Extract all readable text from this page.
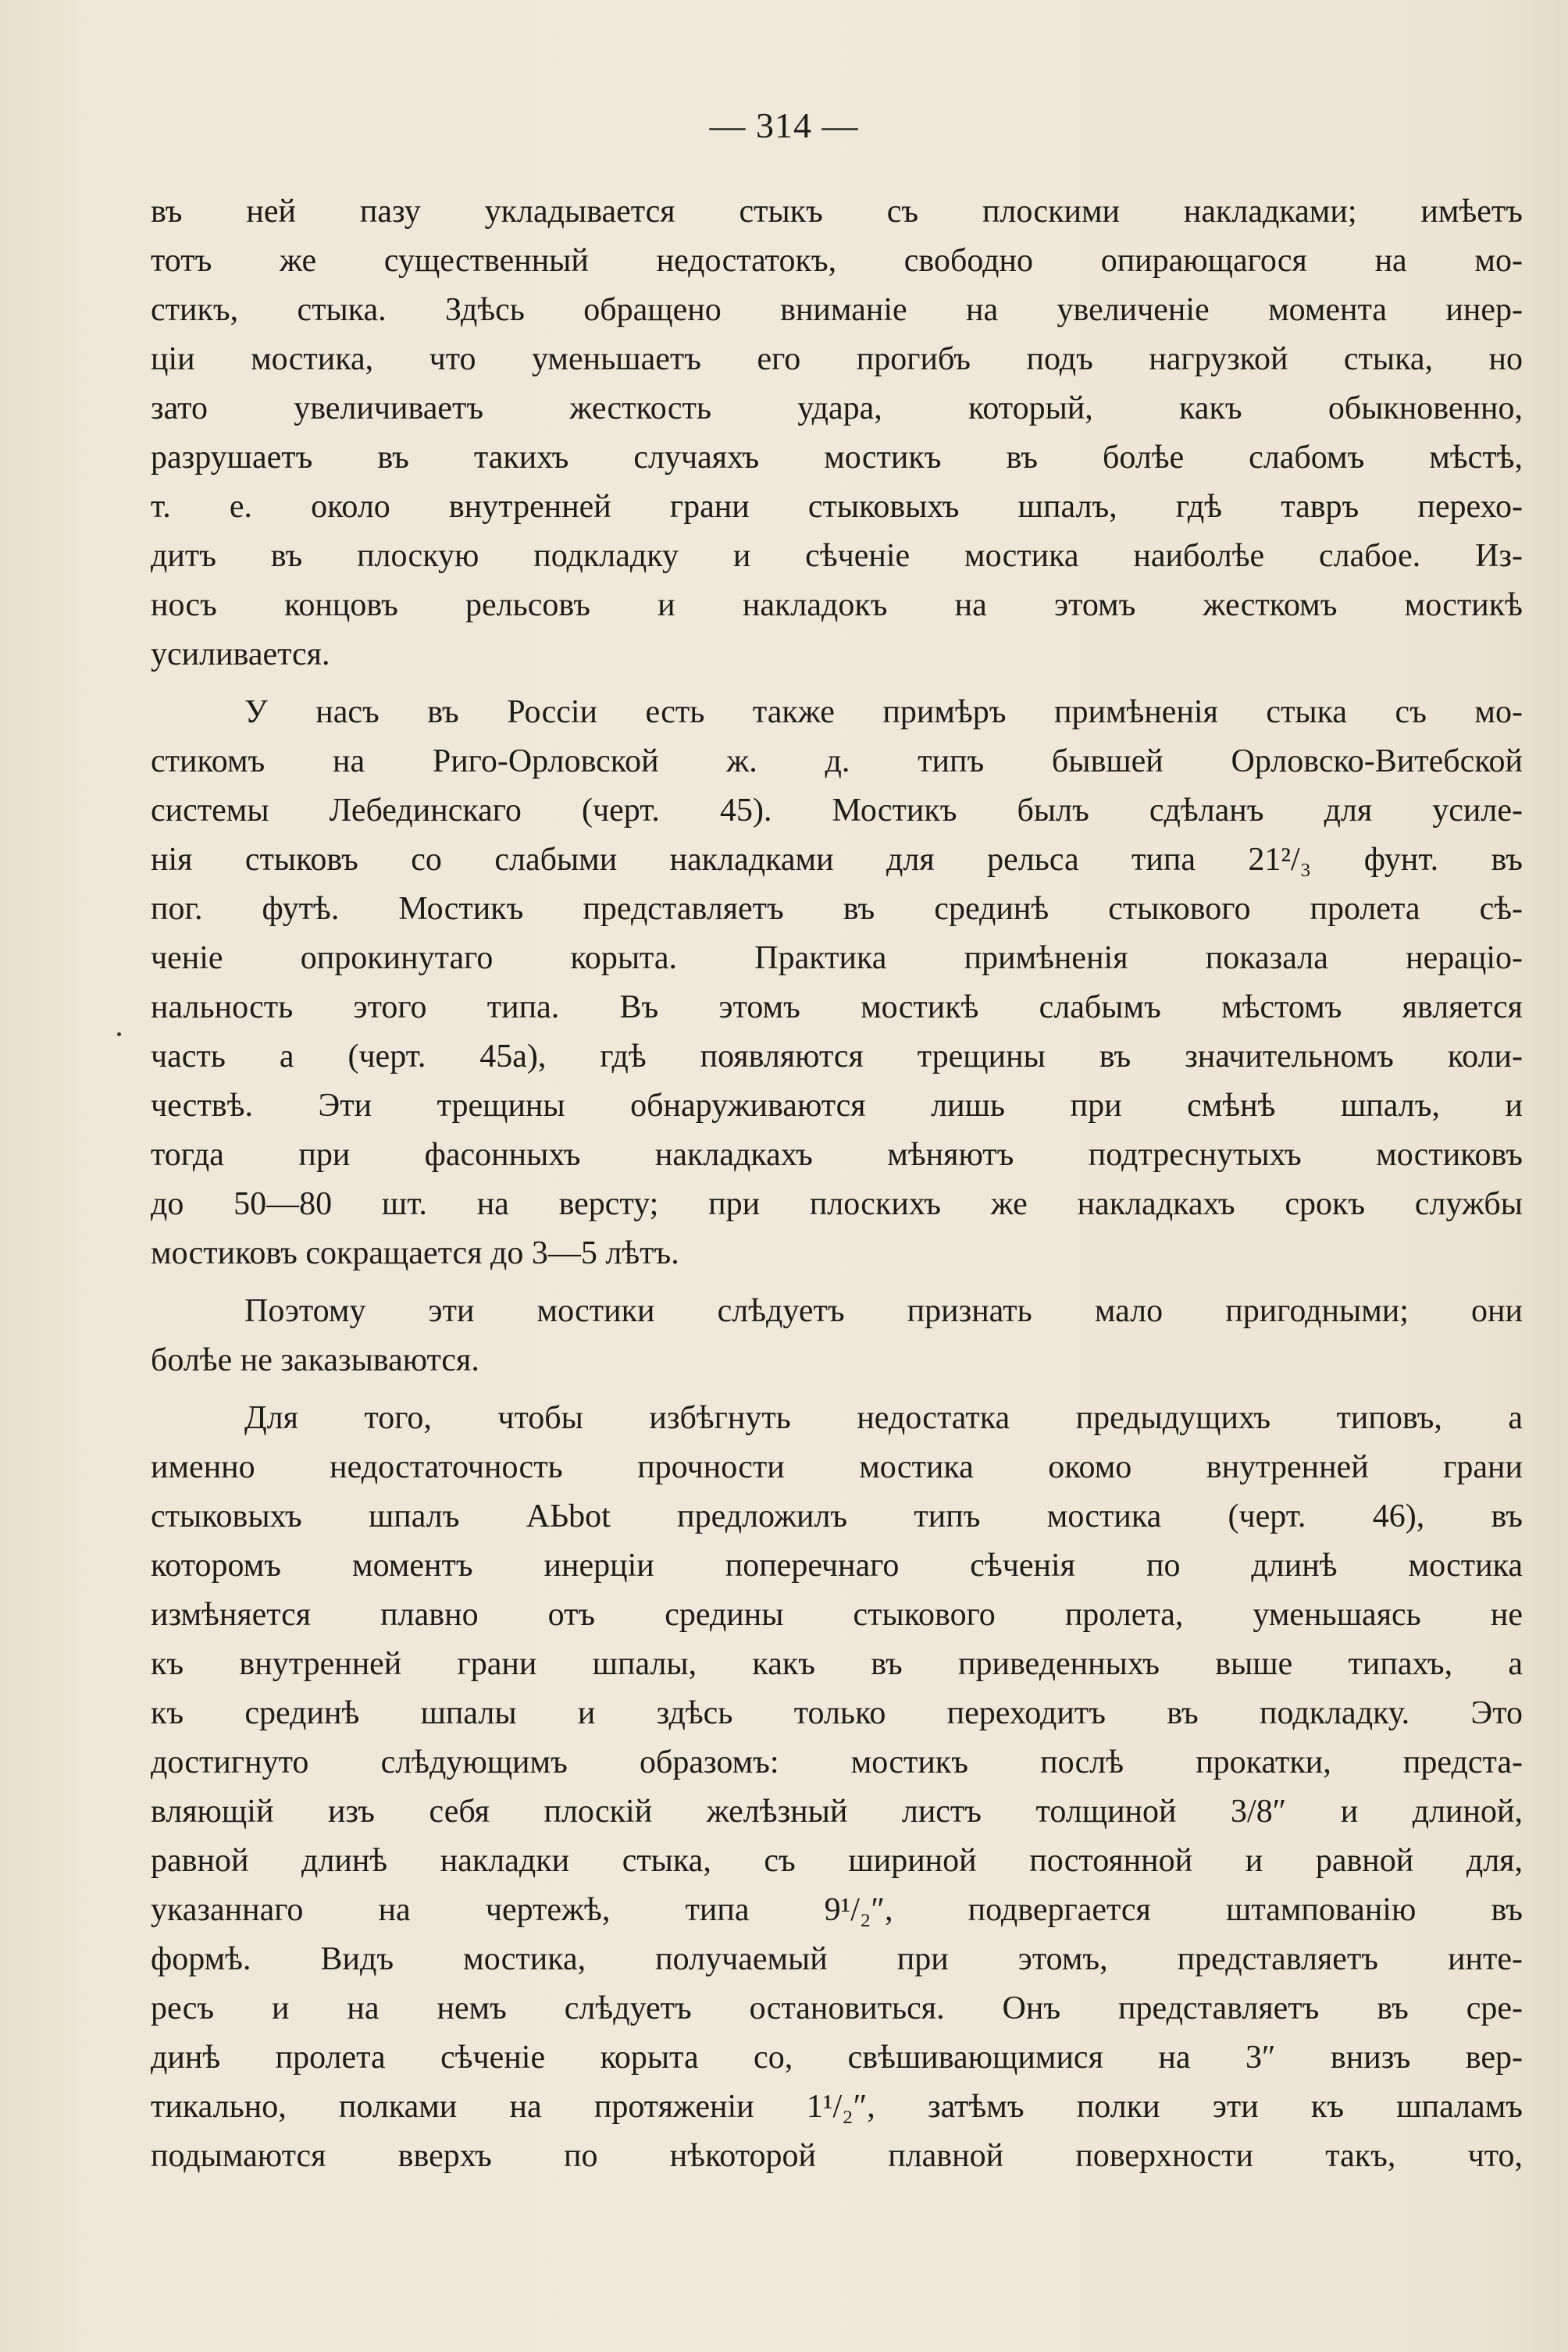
— 314 —
въ ней пазу укладывается стыкъ съ плоскими накладками; имѣетъ
тотъ же существенный недостатокъ, свободно опирающагося на мо-
стикъ, стыка. Здѣсь обращено вниманіе на увеличеніе момента инер-
ціи мостика, что уменьшаетъ его прогибъ подъ нагрузкой стыка, но
зато увеличиваетъ жесткость удара, который, какъ обыкновенно,
разрушаетъ въ такихъ случаяхъ мостикъ въ болѣе слабомъ мѣстѣ,
т. е. около внутренней грани стыковыхъ шпалъ, гдѣ тавръ перехо-
дитъ въ плоскую подкладку и сѣченіе мостика наиболѣе слабое. Из-
носъ концовъ рельсовъ и накладокъ на этомъ жесткомъ мостикѣ
усиливается.
У насъ въ Россіи есть также примѣръ примѣненія стыка съ мо-
стикомъ на Риго-Орловской ж. д. типъ бывшей Орловско-Витебской
системы Лебединскаго (черт. 45). Мостикъ былъ сдѣланъ для усиле-
нія стыковъ со слабыми накладками для рельса типа 21²/₃ фунт. въ
пог. футѣ. Мостикъ представляетъ въ срединѣ стыкового пролета сѣ-
ченіе опрокинутаго корыта. Практика примѣненія показала нераціо-
нальность этого типа. Въ этомъ мостикѣ слабымъ мѣстомъ является
часть а (черт. 45а), гдѣ появляются трещины въ значительномъ коли-
чествѣ. Эти трещины обнаруживаются лишь при смѣнѣ шпалъ, и
тогда при фасонныхъ накладкахъ мѣняютъ подтреснутыхъ мостиковъ
до 50—80 шт. на версту; при плоскихъ же накладкахъ срокъ службы
мостиковъ сокращается до 3—5 лѣтъ.
Поэтому эти мостики слѣдуетъ признать мало пригодными; они
болѣе не заказываются.
Для того, чтобы избѣгнуть недостатка предыдущихъ типовъ, а
именно недостаточность прочности мостика окомо внутренней грани
стыковыхъ шпалъ АЬbot предложилъ типъ мостика (черт. 46), въ
которомъ моментъ инерціи поперечнаго сѣченія по длинѣ мостика
измѣняется плавно отъ средины стыкового пролета, уменьшаясь не
къ внутренней грани шпалы, какъ въ приведенныхъ выше типахъ, а
къ срединѣ шпалы и здѣсь только переходитъ въ подкладку. Это
достигнуто слѣдующимъ образомъ: мостикъ послѣ прокатки, предста-
вляющій изъ себя плоскій желѣзный листъ толщиной 3/8″ и длиной,
равной длинѣ накладки стыка, съ шириной постоянной и равной для,
указаннаго на чертежѣ, типа 9¹/₂″, подвергается штампованію въ
формѣ. Видъ мостика, получаемый при этомъ, представляетъ инте-
ресъ и на немъ слѣдуетъ остановиться. Онъ представляетъ въ сре-
динѣ пролета сѣченіе корыта со, свѣшивающимися на 3″ внизъ вер-
тикально, полками на протяженіи 1¹/₂″, затѣмъ полки эти къ шпаламъ
подымаются вверхъ по нѣкоторой плавной поверхности такъ, что,
